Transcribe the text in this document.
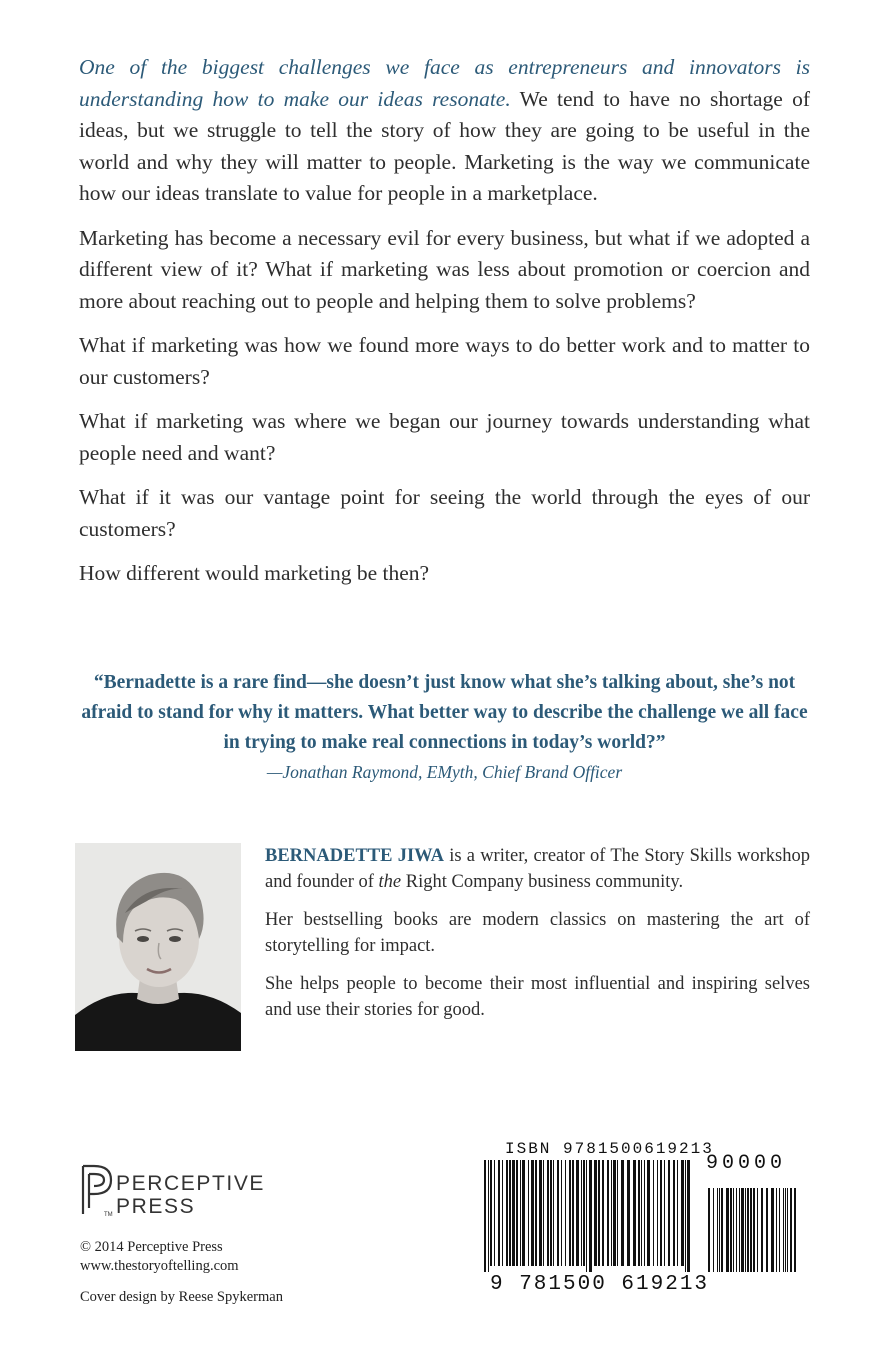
One of the biggest challenges we face as entrepreneurs and innovators is understanding how to make our ideas resonate. We tend to have no shortage of ideas, but we struggle to tell the story of how they are going to be useful in the world and why they will matter to people. Marketing is the way we communicate how our ideas translate to value for people in a marketplace.

Marketing has become a necessary evil for every business, but what if we adopted a different view of it? What if marketing was less about promotion or coercion and more about reaching out to people and helping them to solve problems?

What if marketing was how we found more ways to do better work and to matter to our customers?

What if marketing was where we began our journey towards understanding what people need and want?

What if it was our vantage point for seeing the world through the eyes of our customers?

How different would marketing be then?

“Bernadette is a rare find—she doesn’t just know what she’s talking about, she’s not afraid to stand for why it matters. What better way to describe the challenge we all face in trying to make real connections in today’s world?”

—Jonathan Raymond, EMyth, Chief Brand Officer

BERNADETTE JIWA is a writer, creator of The Story Skills workshop and founder of the Right Company business community.

Her bestselling books are modern classics on mastering the art of storytelling for impact.

She helps people to become their most influential and inspiring selves and use their stories for good.

PERCEPTIVE
PRESS
TM
© 2014 Perceptive Press
www.thestoryoftelling.com
Cover design by Reese Spykerman
ISBN 9781500619213
90000
9 781500 619213
